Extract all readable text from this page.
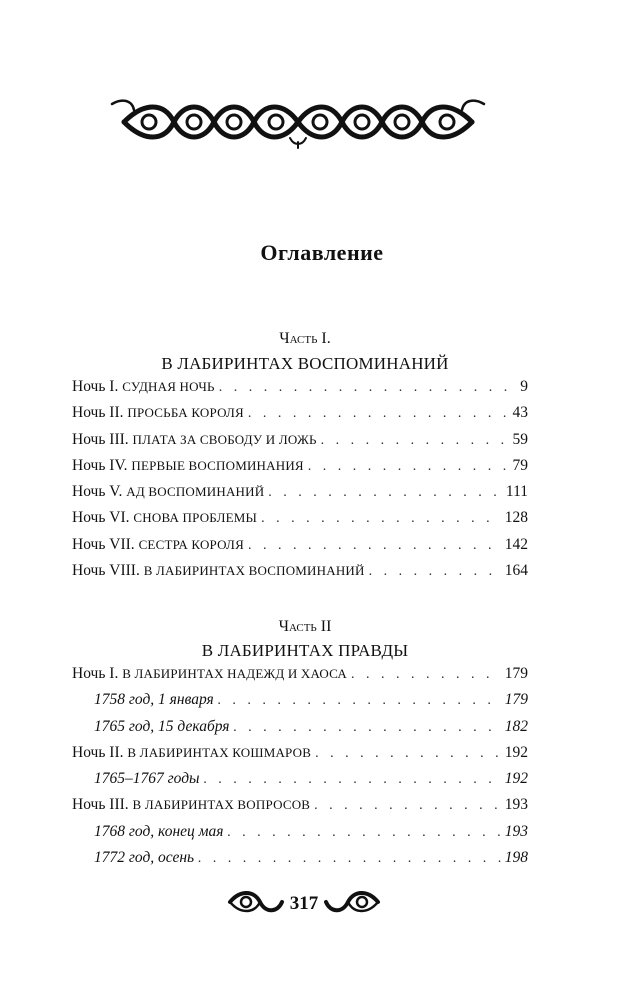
Оглавление
Часть I.
В ЛАБИРИНТАХ ВОСПОМИНАНИЙ
Ночь I. СУДНАЯ НОЧЬ . . .	9
Ночь II. ПРОСЬБА КОРОЛЯ . . .	43
Ночь III. ПЛАТА ЗА СВОБОДУ И ЛОЖЬ . . .	59
Ночь IV. ПЕРВЫЕ ВОСПОМИНАНИЯ . . .	79
Ночь V. АД ВОСПОМИНАНИЙ . . .	111
Ночь VI. СНОВА ПРОБЛЕМЫ . . .	128
Ночь VII. СЕСТРА КОРОЛЯ . . .	142
Ночь VIII. В ЛАБИРИНТАХ ВОСПОМИНАНИЙ . . .	164
Часть II
В ЛАБИРИНТАХ ПРАВДЫ
Ночь I. В ЛАБИРИНТАХ НАДЕЖД И ХАОСА . . .	179
1758 год, 1 января . . .	179
1765 год, 15 декабря . . .	182
Ночь II. В ЛАБИРИНТАХ КОШМАРОВ . . .	192
1765–1767 годы . . .	192
Ночь III. В ЛАБИРИНТАХ ВОПРОСОВ . . .	193
1768 год, конец мая . . .	193
1772 год, осень . . .	198
317
